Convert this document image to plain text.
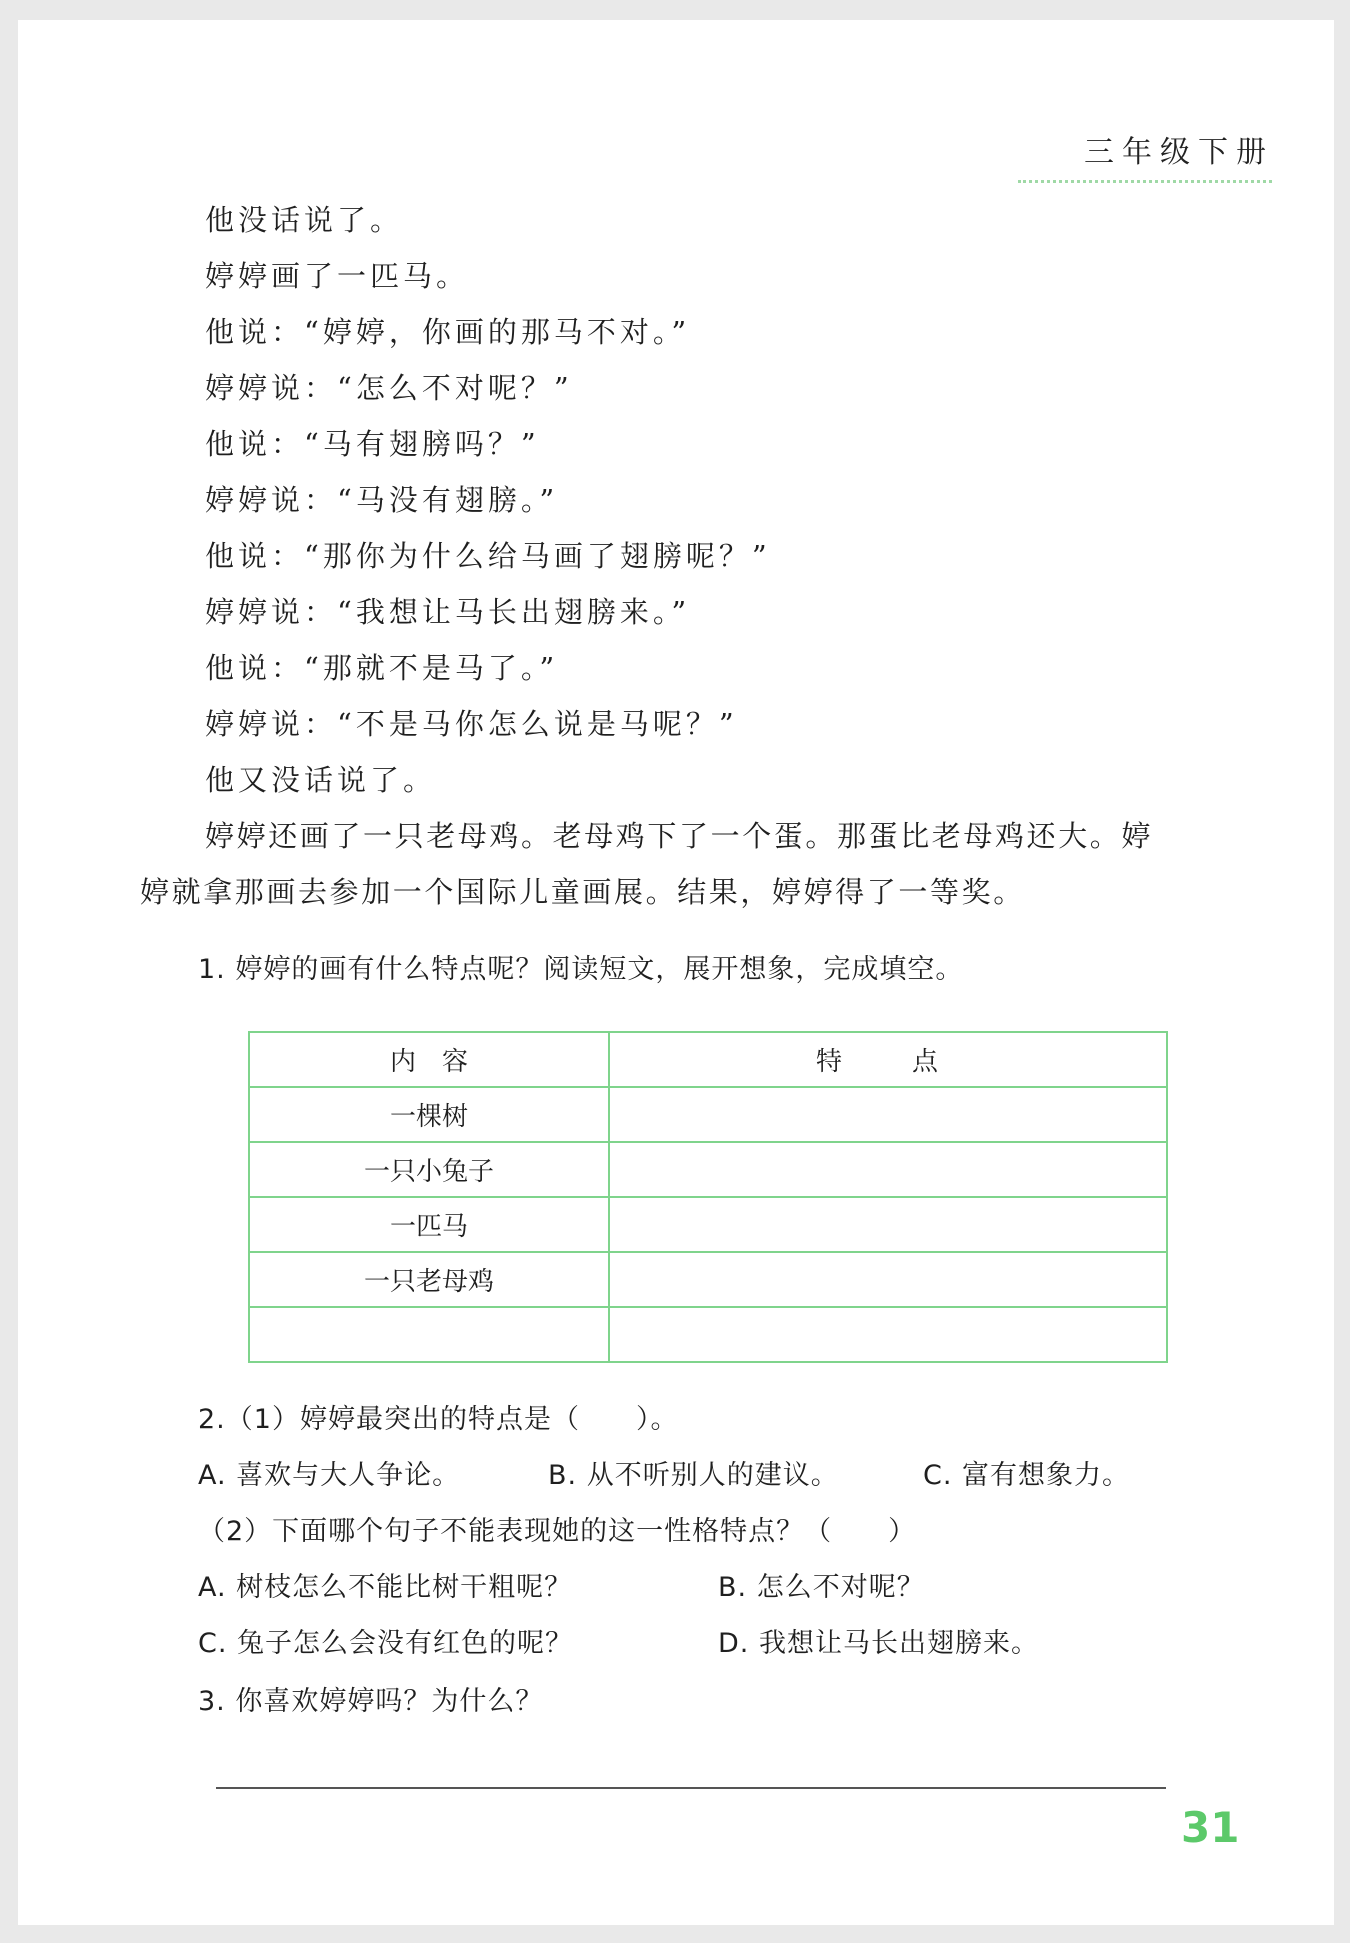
三年级下册
他没话说了。
婷婷画了一匹马。
他说：“婷婷，你画的那马不对。”
婷婷说：“怎么不对呢？”
他说：“马有翅膀吗？”
婷婷说：“马没有翅膀。”
他说：“那你为什么给马画了翅膀呢？”
婷婷说：“我想让马长出翅膀来。”
他说：“那就不是马了。”
婷婷说：“不是马你怎么说是马呢？”
他又没话说了。
婷婷还画了一只老母鸡。老母鸡下了一个蛋。那蛋比老母鸡还大。婷
婷就拿那画去参加一个国际儿童画展。结果，婷婷得了一等奖。
1. 婷婷的画有什么特点呢？阅读短文，展开想象，完成填空。
内　容	特　点
一棵树	
一只小兔子	
一匹马	
一只老母鸡	

2.（1）婷婷最突出的特点是（　　）。
A. 喜欢与大人争论。	B. 从不听别人的建议。	C. 富有想象力。
（2）下面哪个句子不能表现她的这一性格特点？（　　）
A. 树枝怎么不能比树干粗呢？	B. 怎么不对呢？
C. 兔子怎么会没有红色的呢？	D. 我想让马长出翅膀来。
3. 你喜欢婷婷吗？为什么？
31
